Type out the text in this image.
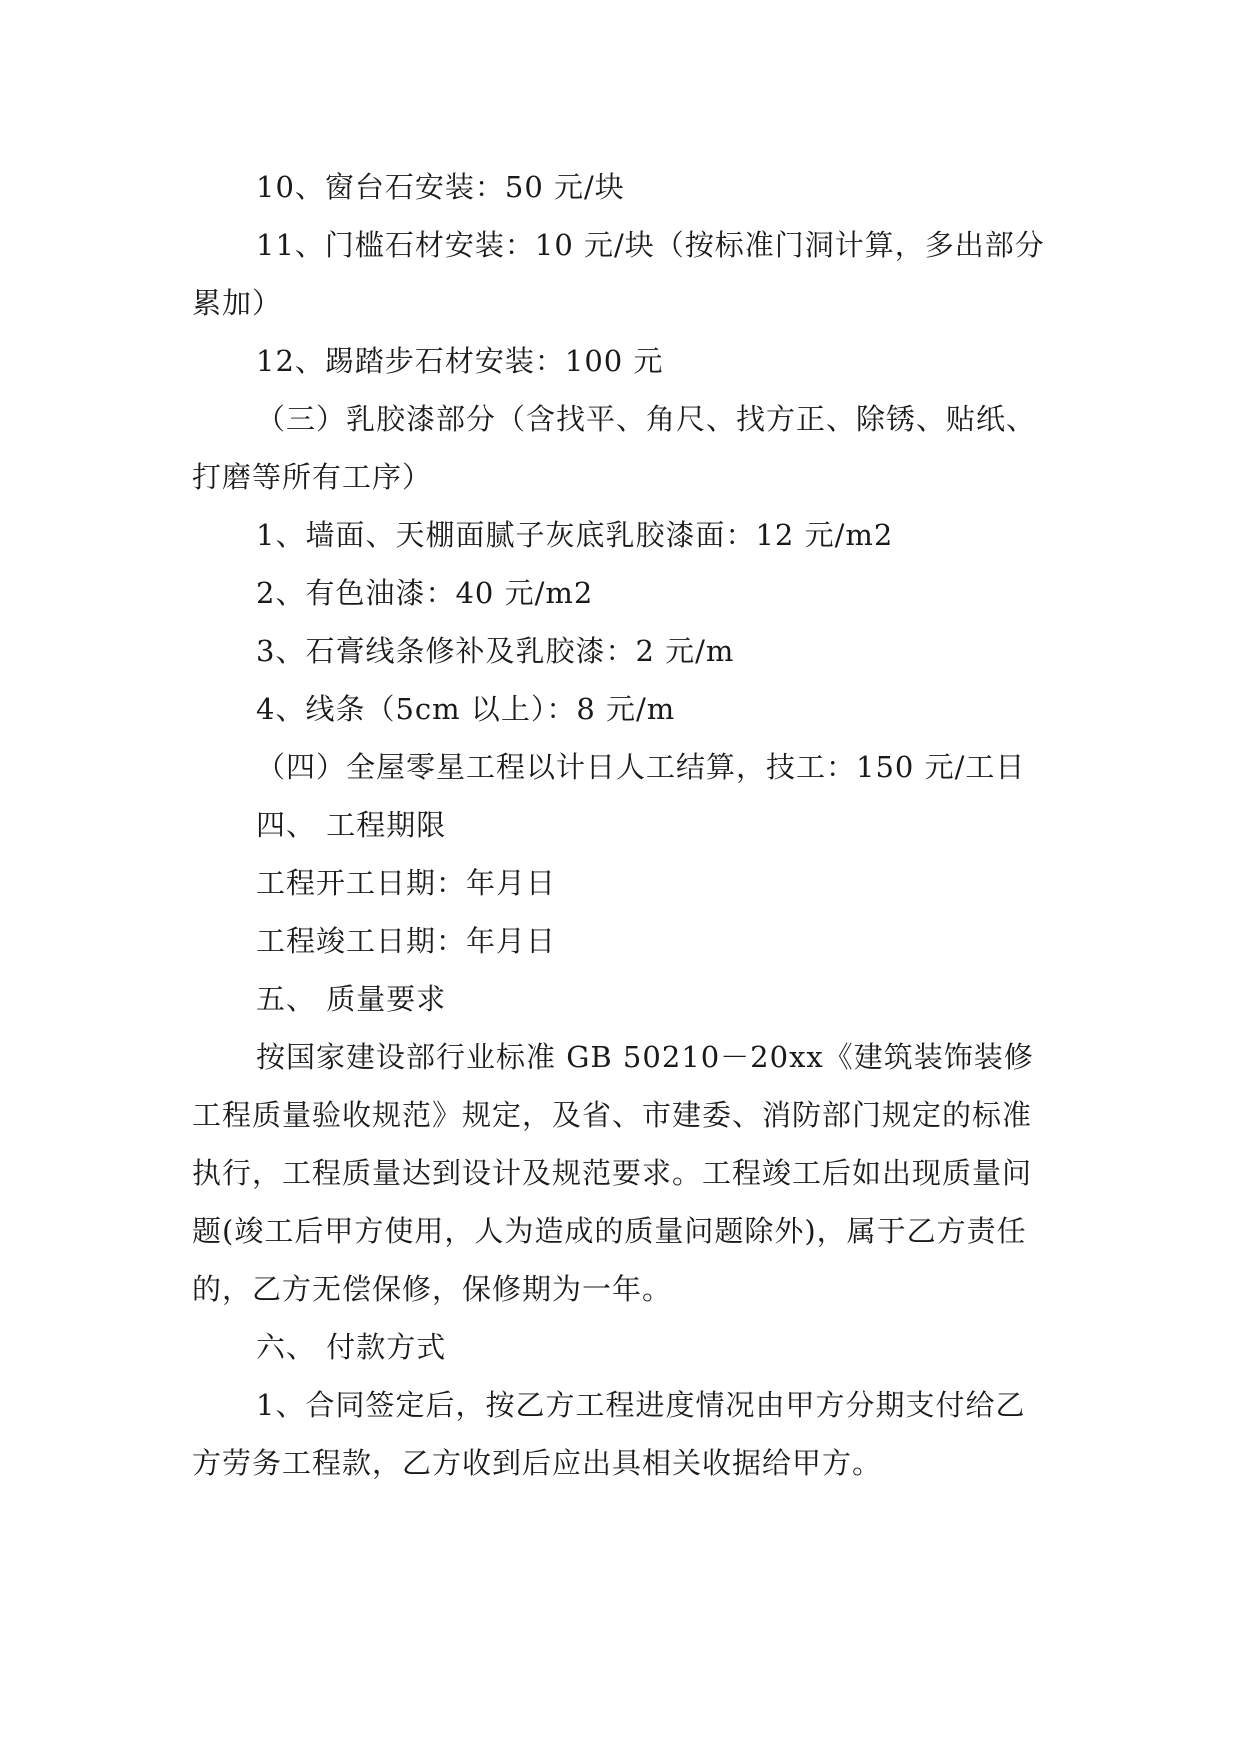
10、窗台石安装：50 元/块

11、门槛石材安装：10 元/块（按标准门洞计算，多出部分累加）

12、踢踏步石材安装：100 元

（三）乳胶漆部分（含找平、角尺、找方正、除锈、贴纸、打磨等所有工序）

1、墙面、天棚面腻子灰底乳胶漆面：12 元/m2

2、有色油漆：40 元/m2

3、石膏线条修补及乳胶漆：2 元/m

4、线条（5cm 以上）：8 元/m

（四）全屋零星工程以计日人工结算，技工：150 元/工日

四、 工程期限

工程开工日期：年月日

工程竣工日期：年月日

五、 质量要求

按国家建设部行业标准 GB 50210－20xx《建筑装饰装修工程质量验收规范》规定，及省、市建委、消防部门规定的标准执行，工程质量达到设计及规范要求。工程竣工后如出现质量问题(竣工后甲方使用，人为造成的质量问题除外)，属于乙方责任的，乙方无偿保修，保修期为一年。

六、 付款方式

1、合同签定后，按乙方工程进度情况由甲方分期支付给乙方劳务工程款，乙方收到后应出具相关收据给甲方。
